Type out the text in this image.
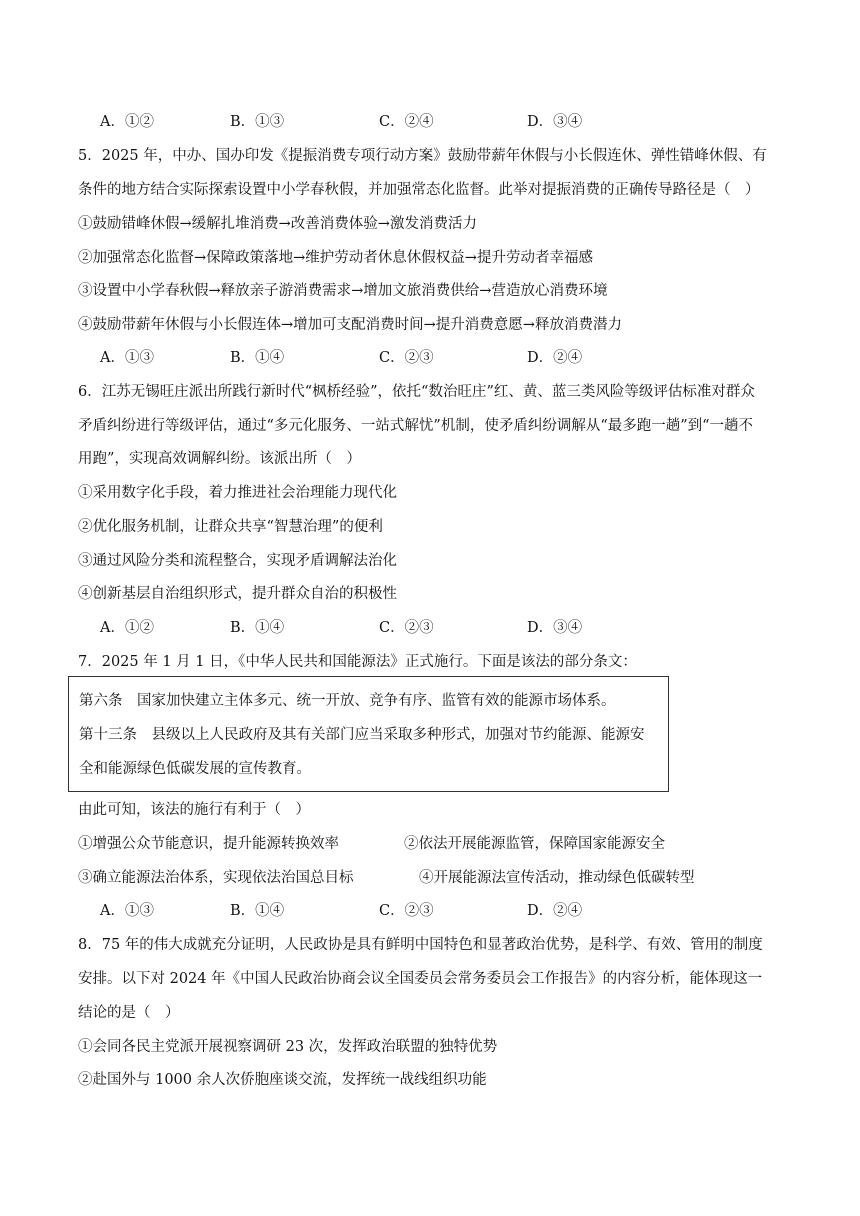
A．①②	B．①③	C．②④	D．③④
5．2025 年，中办、国办印发《提振消费专项行动方案》鼓励带薪年休假与小长假连休、弹性错峰休假、有
条件的地方结合实际探索设置中小学春秋假，并加强常态化监督。此举对提振消费的正确传导路径是（　）
①鼓励错峰休假→缓解扎堆消费→改善消费体验→激发消费活力
②加强常态化监督→保障政策落地→维护劳动者休息休假权益→提升劳动者幸福感
③设置中小学春秋假→释放亲子游消费需求→增加文旅消费供给→营造放心消费环境
④鼓励带薪年休假与小长假连体→增加可支配消费时间→提升消费意愿→释放消费潜力
A．①③	B．①④	C．②③	D．②④
6．江苏无锡旺庄派出所践行新时代“枫桥经验”，依托“数治旺庄”红、黄、蓝三类风险等级评估标准对群众
矛盾纠纷进行等级评估，通过“多元化服务、一站式解忧”机制，使矛盾纠纷调解从“最多跑一趟”到“一趟不
用跑”，实现高效调解纠纷。该派出所（　）
①采用数字化手段，着力推进社会治理能力现代化
②优化服务机制，让群众共享“智慧治理”的便利
③通过风险分类和流程整合，实现矛盾调解法治化
④创新基层自治组织形式，提升群众自治的积极性
A．①②	B．①④	C．②③	D．③④
7．2025 年 1 月 1 日，《中华人民共和国能源法》正式施行。下面是该法的部分条文：
第六条　国家加快建立主体多元、统一开放、竞争有序、监管有效的能源市场体系。
第十三条　县级以上人民政府及其有关部门应当采取多种形式，加强对节约能源、能源安
全和能源绿色低碳发展的宣传教育。
由此可知，该法的施行有利于（　）
①增强公众节能意识，提升能源转换效率	②依法开展能源监管，保障国家能源安全
③确立能源法治体系，实现依法治国总目标	④开展能源法宣传活动，推动绿色低碳转型
A．①③	B．①④	C．②③	D．②④
8．75 年的伟大成就充分证明，人民政协是具有鲜明中国特色和显著政治优势，是科学、有效、管用的制度
安排。以下对 2024 年《中国人民政治协商会议全国委员会常务委员会工作报告》的内容分析，能体现这一
结论的是（　）
①会同各民主党派开展视察调研 23 次，发挥政治联盟的独特优势
②赴国外与 1000 余人次侨胞座谈交流，发挥统一战线组织功能
